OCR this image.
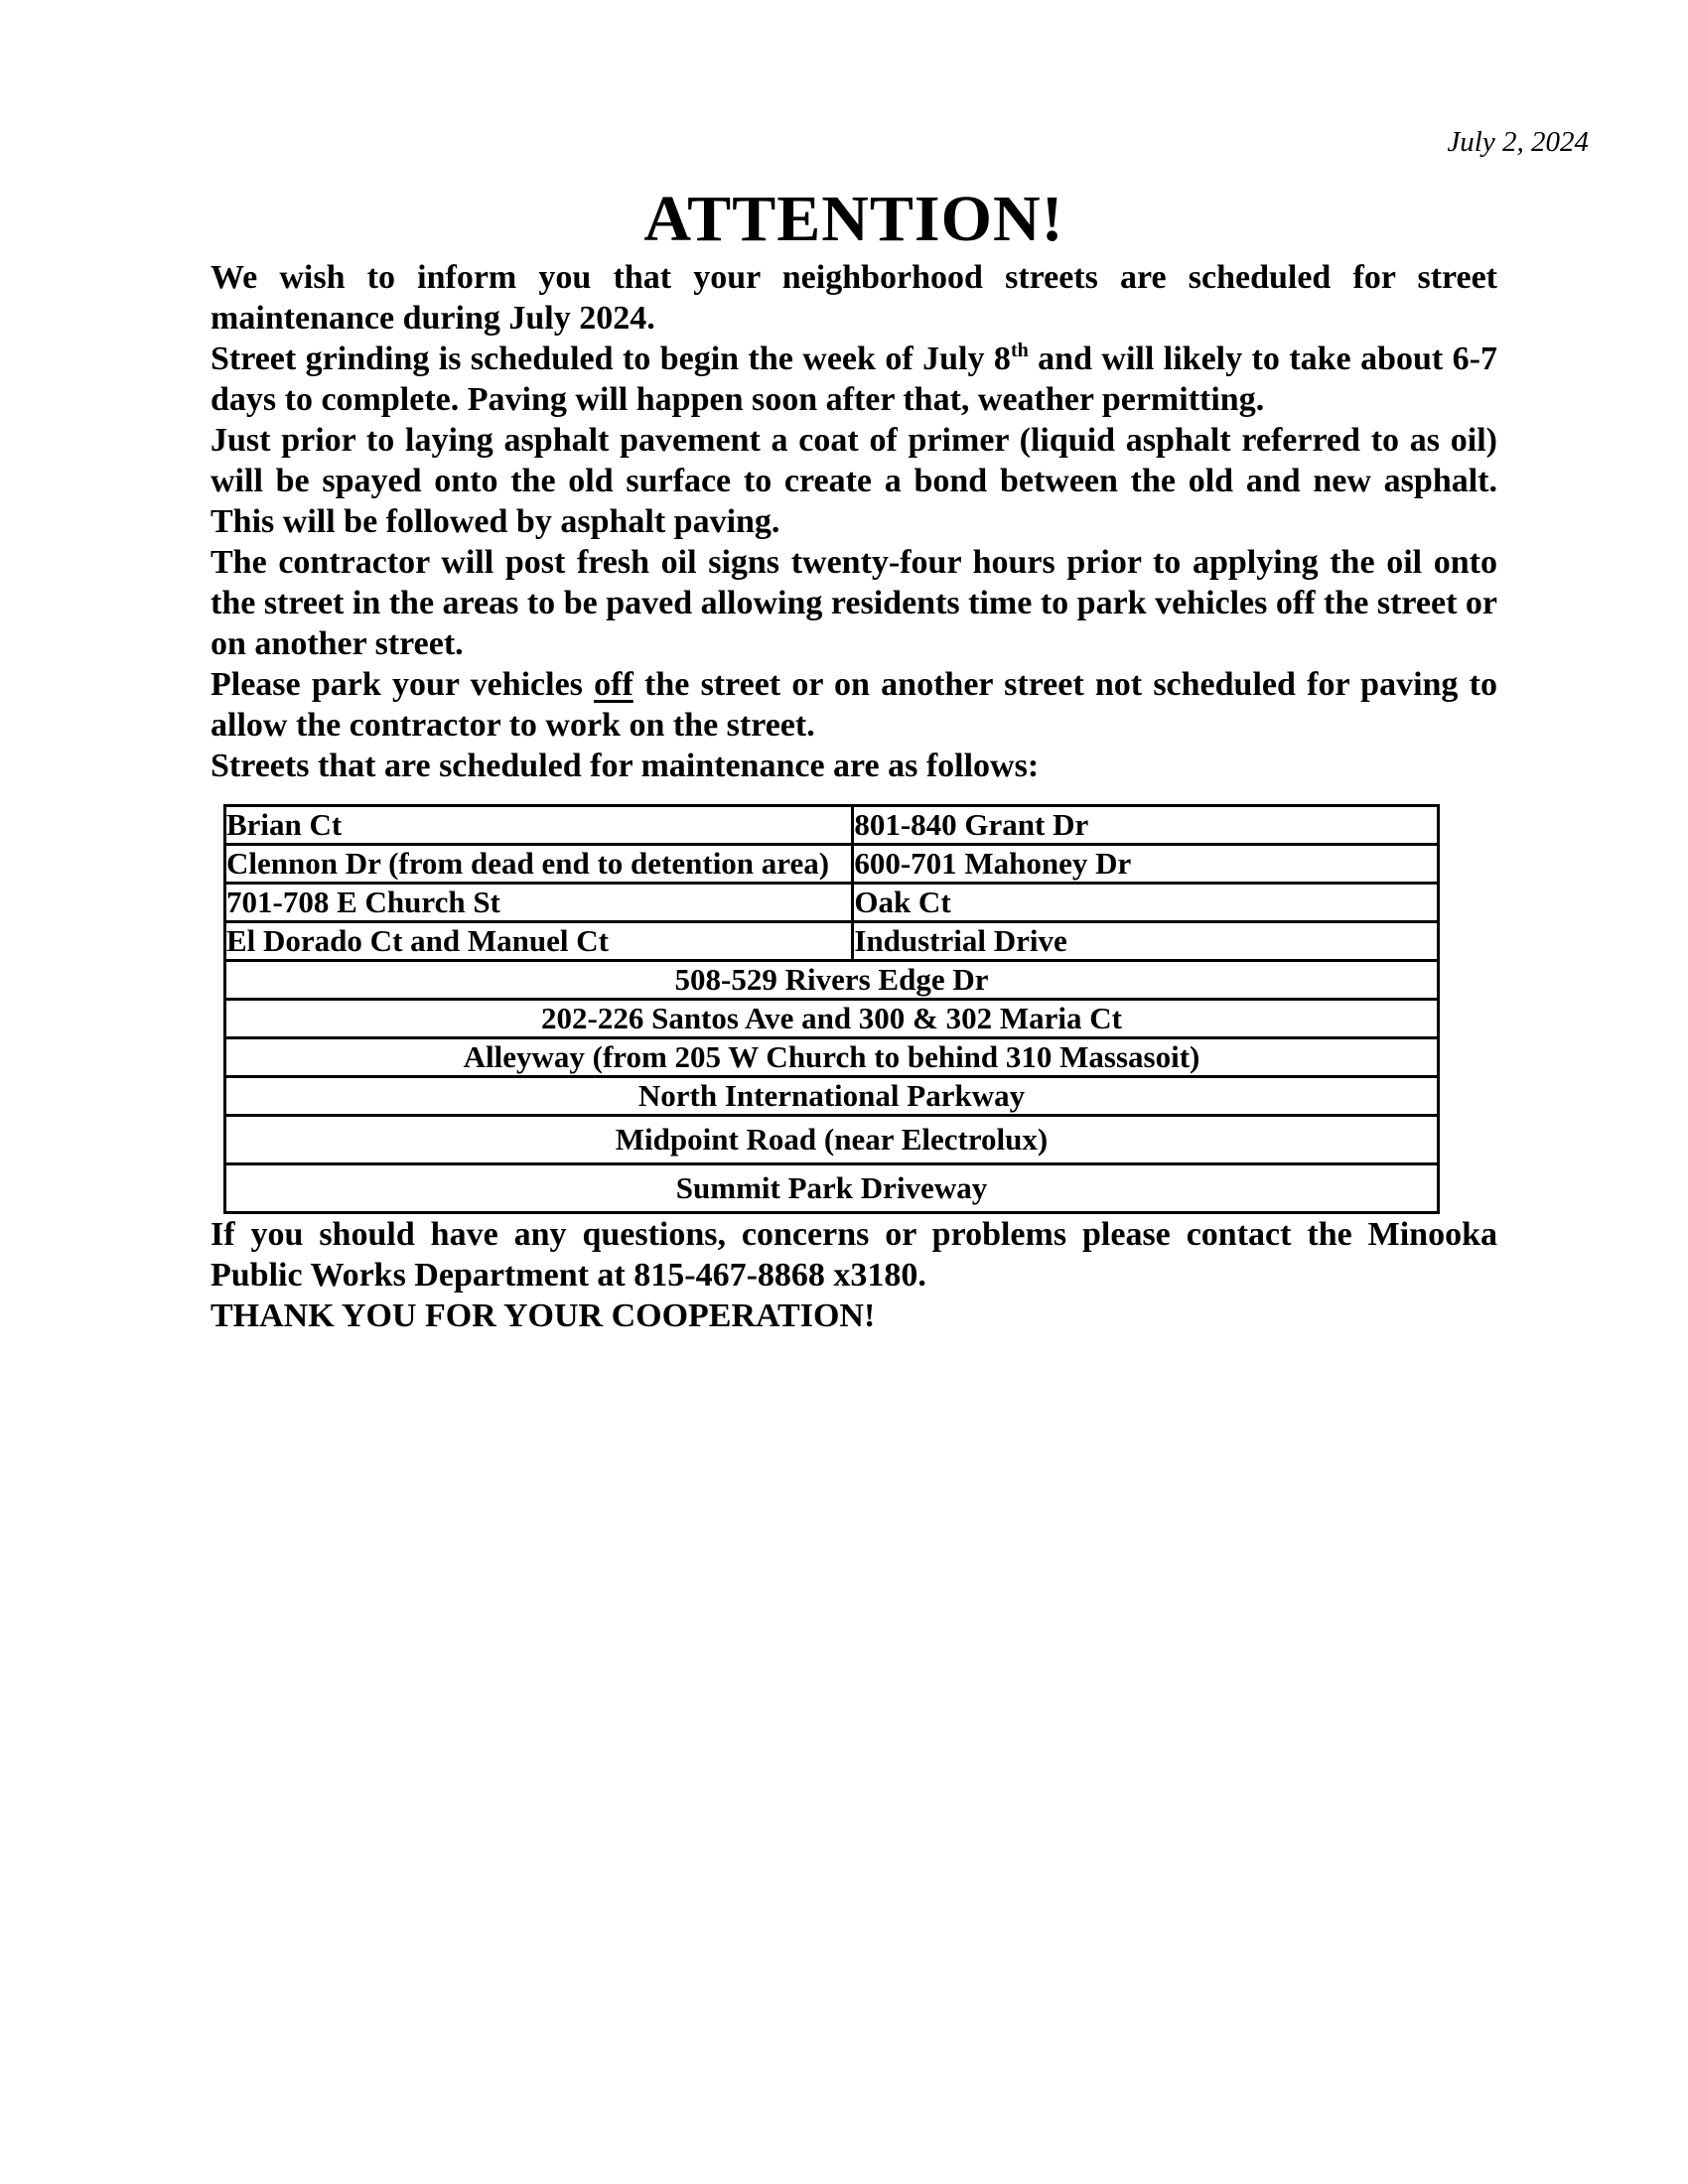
July 2, 2024
ATTENTION!

We wish to inform you that your neighborhood streets are scheduled for street maintenance during July 2024.

Street grinding is scheduled to begin the week of July 8th and will likely to take about 6-7 days to complete. Paving will happen soon after that, weather permitting.

Just prior to laying asphalt pavement a coat of primer (liquid asphalt referred to as oil) will be spayed onto the old surface to create a bond between the old and new asphalt. This will be followed by asphalt paving.

The contractor will post fresh oil signs twenty-four hours prior to applying the oil onto the street in the areas to be paved allowing residents time to park vehicles off the street or on another street.

Please park your vehicles off the street or on another street not scheduled for paving to allow the contractor to work on the street.

Streets that are scheduled for maintenance are as follows:

Brian Ct	801-840 Grant Dr
Clennon Dr (from dead end to detention area)	600-701 Mahoney Dr
701-708 E Church St	Oak Ct
El Dorado Ct and Manuel Ct	Industrial Drive
508-529 Rivers Edge Dr	
202-226 Santos Ave and 300 & 302 Maria Ct	
Alleyway (from 205 W Church to behind 310 Massasoit)	
North International Parkway	
Midpoint Road (near Electrolux)	
Summit Park Driveway	

If you should have any questions, concerns or problems please contact the Minooka Public Works Department at 815-467-8868 x3180.

THANK YOU FOR YOUR COOPERATION!
